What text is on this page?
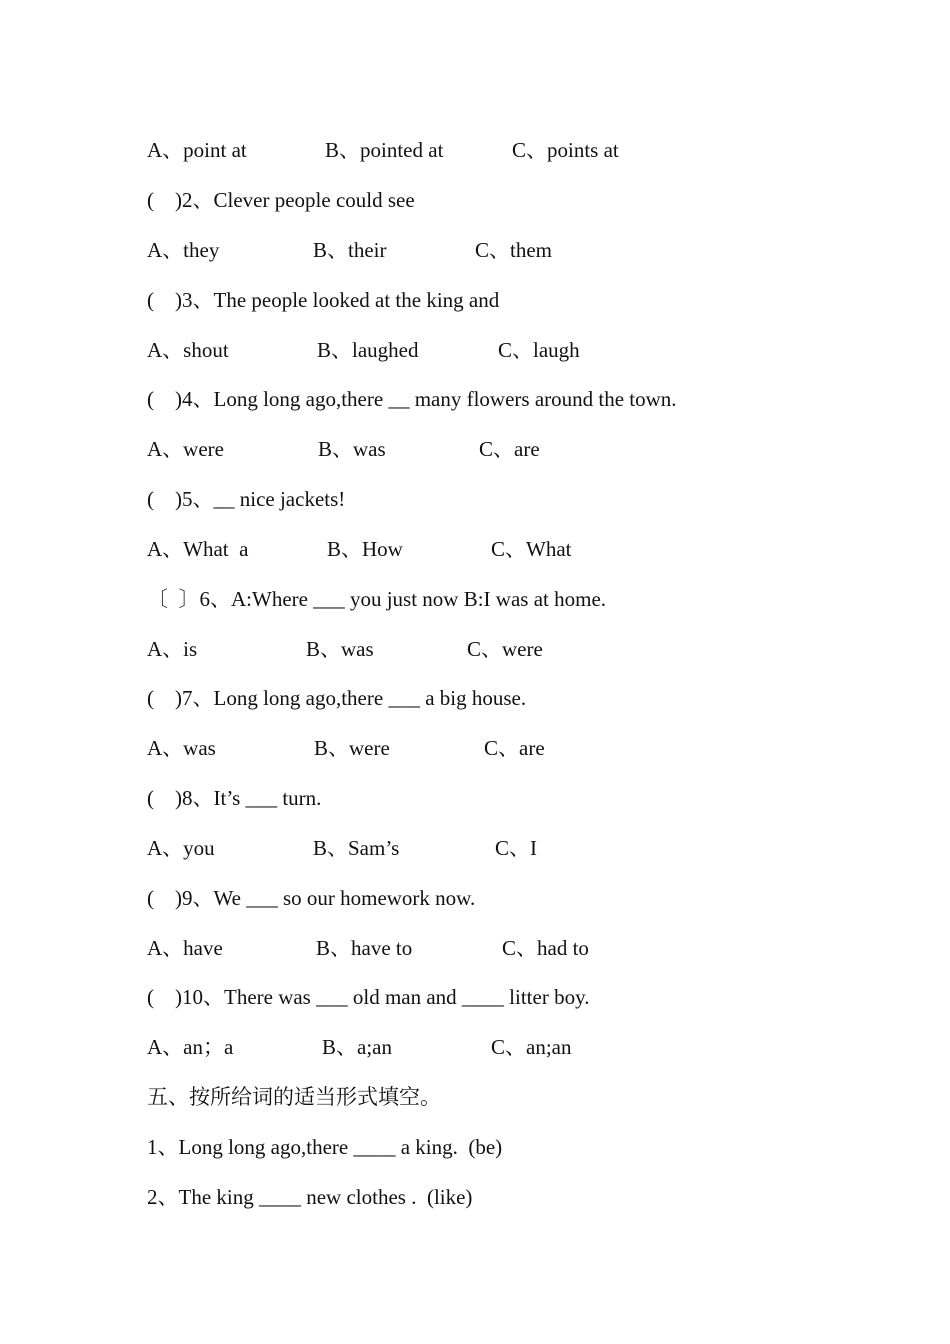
A、point at

	B、pointed at

	C、points at

(    )2、Clever people could see

A、they

	B、their

	C、them

(    )3、The people looked at the king and

A、shout

	B、laughed

	C、laugh

(    )4、Long long ago,there __ many flowers around the town.

A、were

	B、was

	C、are

(    )5、__ nice jackets!

A、What  a

	B、How

	C、What

〔  〕6、A:Where ___ you just now B:I was at home.

A、is

	B、was

	C、were

(    )7、Long long ago,there ___ a big house.

A、was

	B、were

	C、are

(    )8、It’s ___ turn.

A、you

	B、Sam’s

	C、I

(    )9、We ___ so our homework now.

A、have

	B、have to

	C、had to

(    )10、There was ___ old man and ____ litter boy.

A、an；a

	B、a;an

	C、an;an

五、按所给词的适当形式填空。
1、Long long ago,there ____ a king.  (be)
2、The king ____ new clothes .  (like)
